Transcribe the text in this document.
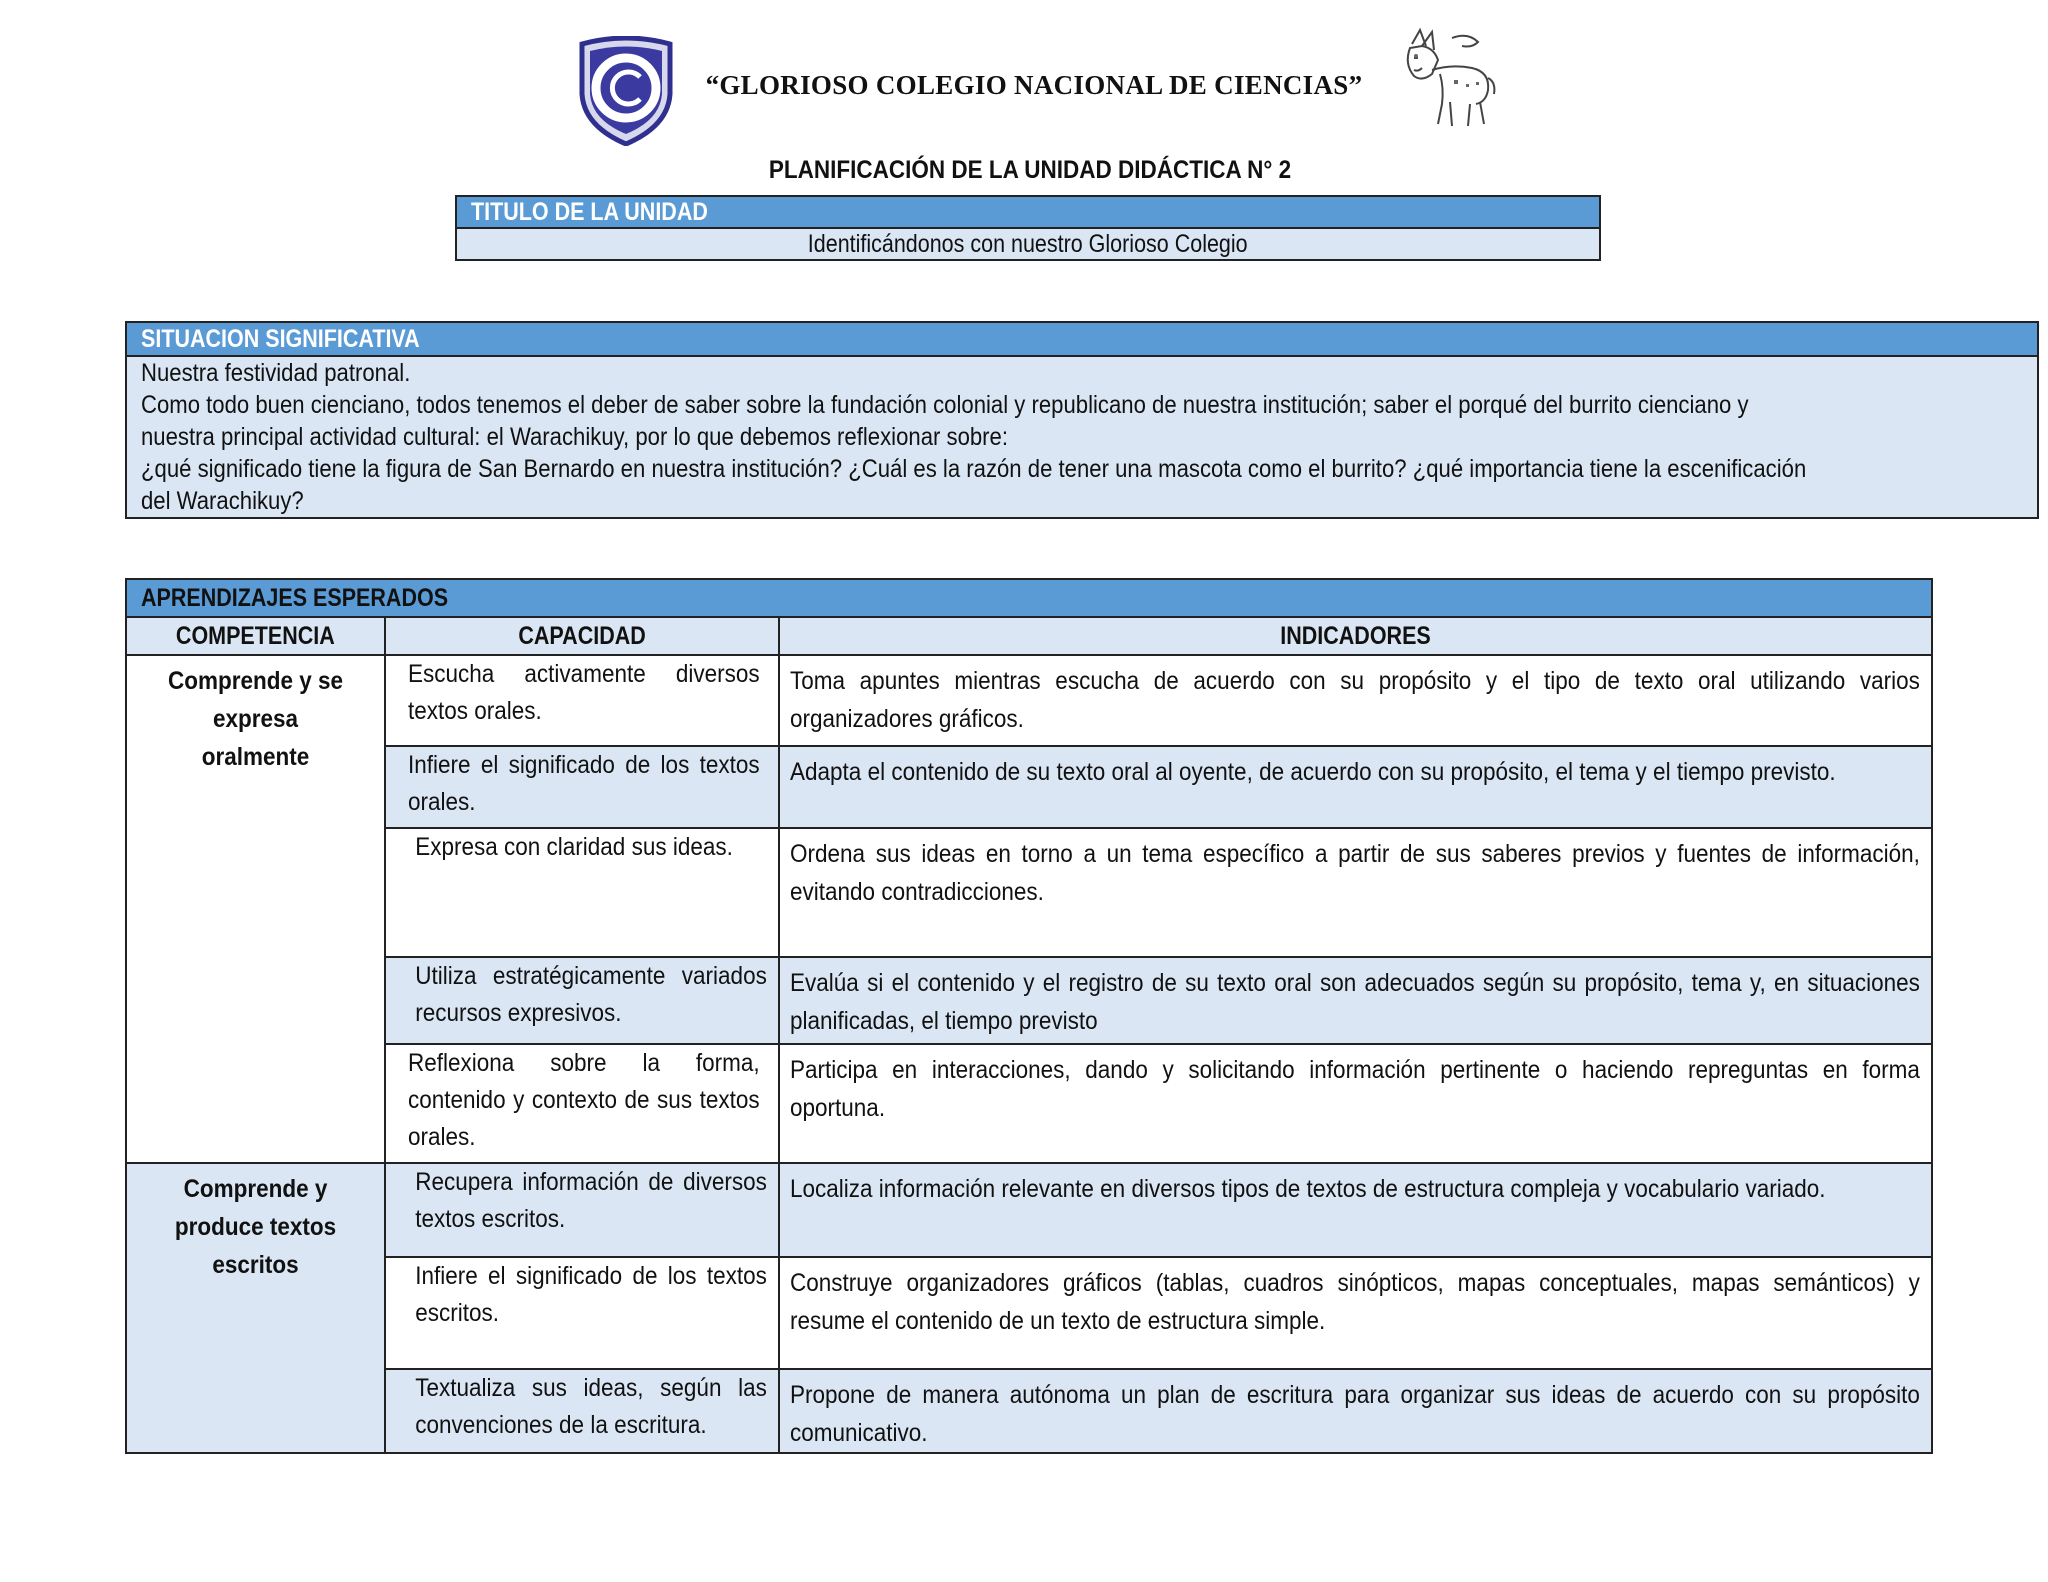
“GLORIOSO COLEGIO NACIONAL DE CIENCIAS”
PLANIFICACIÓN DE LA UNIDAD DIDÁCTICA N° 2
TITULO DE LA UNIDAD
Identificándonos con nuestro Glorioso Colegio
SITUACION SIGNIFICATIVA

Nuestra festividad patronal.
Como todo buen cienciano, todos tenemos el deber de saber sobre la fundación colonial y republicano de nuestra institución; saber el porqué del burrito cienciano y
nuestra principal actividad cultural: el Warachikuy, por lo que debemos reflexionar sobre:
¿qué significado tiene la figura de San Bernardo en nuestra institución? ¿Cuál es la razón de tener una mascota como el burrito? ¿qué importancia tiene la escenificación
del Warachikuy?
APRENDIZAJES ESPERADOS		
COMPETENCIA	CAPACIDAD	INDICADORES

Comprende y se expresa oralmente	Escucha activamente diversos textos orales.	Toma apuntes mientras escucha de acuerdo con su propósito y el tipo de texto oral utilizando varios organizadores gráficos.

	Infiere el significado de los textos orales.	Adapta el contenido de su texto oral al oyente, de acuerdo con su propósito, el tema y el tiempo previsto.

	Expresa con claridad sus ideas.	Ordena sus ideas en torno a un tema específico a partir de sus saberes previos y fuentes de información, evitando contradicciones.

	Utiliza estratégicamente variados recursos expresivos.	Evalúa si el contenido y el registro de su texto oral son adecuados según su propósito, tema y, en situaciones planificadas, el tiempo previsto

	Reflexiona sobre la forma, contenido y contexto de sus textos orales.	Participa en interacciones, dando y solicitando información pertinente o haciendo repreguntas en forma oportuna.

Comprende y produce textos escritos	Recupera información de diversos textos escritos.	Localiza información relevante en diversos tipos de textos de estructura compleja y vocabulario variado.

	Infiere el significado de los textos escritos.	Construye organizadores gráficos (tablas, cuadros sinópticos, mapas conceptuales, mapas semánticos) y resume el contenido de un texto de estructura simple.

	Textualiza sus ideas, según las convenciones de la escritura.	Propone de manera autónoma un plan de escritura para organizar sus ideas de acuerdo con su propósito comunicativo.
